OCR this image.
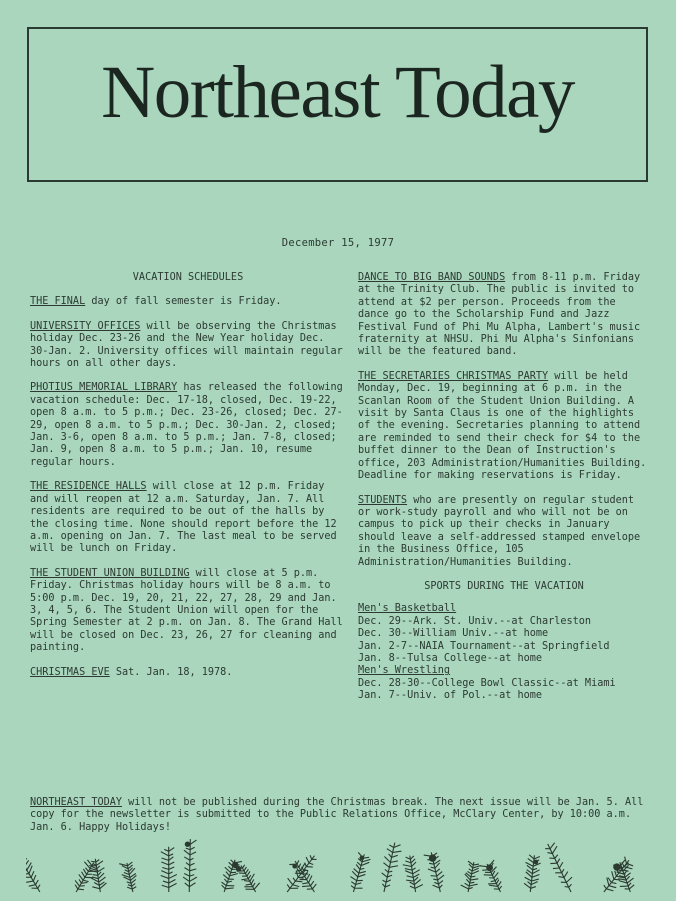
Northeast Today
December 15, 1977
VACATION SCHEDULES

THE FINAL day of fall semester is Friday.

UNIVERSITY OFFICES will be observing the Christmas holiday Dec. 23-26 and the New Year holiday Dec. 30-Jan. 2. University offices will maintain regular hours on all other days.

PHOTIUS MEMORIAL LIBRARY has released the following vacation schedule: Dec. 17-18, closed, Dec. 19-22, open 8 a.m. to 5 p.m.; Dec. 23-26, closed; Dec. 27-29, open 8 a.m. to 5 p.m.; Dec. 30-Jan. 2, closed; Jan. 3-6, open 8 a.m. to 5 p.m.; Jan. 7-8, closed; Jan. 9, open 8 a.m. to 5 p.m.; Jan. 10, resume regular hours.

THE RESIDENCE HALLS will close at 12 p.m. Friday and will reopen at 12 a.m. Saturday, Jan. 7. All residents are required to be out of the halls by the closing time. None should report before the 12 a.m. opening on Jan. 7. The last meal to be served will be lunch on Friday.

THE STUDENT UNION BUILDING will close at 5 p.m. Friday. Christmas holiday hours will be 8 a.m. to 5:00 p.m. Dec. 19, 20, 21, 22, 27, 28, 29 and Jan. 3, 4, 5, 6. The Student Union will open for the Spring Semester at 2 p.m. on Jan. 8. The Grand Hall will be closed on Dec. 23, 26, 27 for cleaning and painting.

CHRISTMAS EVE Sat. Jan. 18, 1978.

DANCE TO BIG BAND SOUNDS from 8-11 p.m. Friday at the Trinity Club. The public is invited to attend at $2 per person. Proceeds from the dance go to the Scholarship Fund and Jazz Festival Fund of Phi Mu Alpha, Lambert's music fraternity at NHSU. Phi Mu Alpha's Sinfonians will be the featured band.

THE SECRETARIES CHRISTMAS PARTY will be held Monday, Dec. 19, beginning at 6 p.m. in the Scanlan Room of the Student Union Building. A visit by Santa Claus is one of the highlights of the evening. Secretaries planning to attend are reminded to send their check for $4 to the buffet dinner to the Dean of Instruction's office, 203 Administration/Humanities Building. Deadline for making reservations is Friday.

STUDENTS who are presently on regular student or work-study payroll and who will not be on campus to pick up their checks in January should leave a self-addressed stamped envelope in the Business Office, 105 Administration/Humanities Building.

SPORTS DURING THE VACATION
Men's Basketball
Dec. 29--Ark. St. Univ.--at Charleston
Dec. 30--William Univ.--at home
Jan. 2-7--NAIA Tournament--at Springfield
Jan. 8--Tulsa College--at home
Men's Wrestling
Dec. 28-30--College Bowl Classic--at Miami
Jan. 7--Univ. of Pol.--at home
NORTHEAST TODAY will not be published during the Christmas break. The next issue will be Jan. 5. All copy for the newsletter is submitted to the Public Relations Office, McClary Center, by 10:00 a.m. Jan. 6. Happy Holidays!
